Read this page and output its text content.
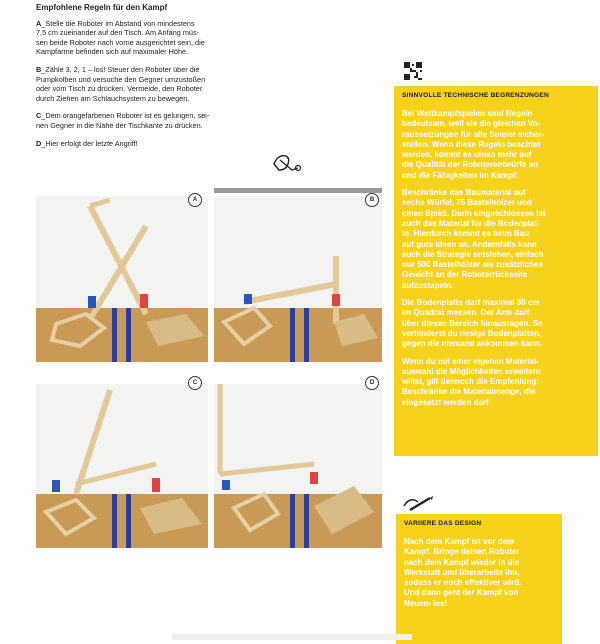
Empfohlene Regeln für den Kampf

A_Stelle die Roboter im Abstand von mindestens
7,5 cm zueinander auf den Tisch. Am Anfang müs-
sen beide Roboter nach vorne ausgerichtet sein, die
Kampfarme befinden sich auf maximaler Höhe.

B_Zähle 3, 2, 1 – los! Steuer den Roboter über die
Pumpkolben und versuche den Gegner umzustoßen
oder vom Tisch zu drücken. Vermeide, den Roboter
durch Ziehen am Schlauchsystem zu bewegen.

C_Dem orangefarbenen Roboter ist es gelungen, sei-
nen Gegner in die Nähe der Tischkante zu drücken.

D_Hier erfolgt der letzte Angriff!

A	B
C	D
SINNVOLLE TECHNISCHE BEGRENZUNGEN

Bei Wettkampfspielen sind Regeln
bedeutsam, weil sie die gleichen Vo-
raussetzungen für alle Spieler sicher-
stellen. Wenn diese Regeln beachtet
werden, kommt es umso mehr auf
die Qualität der Roboterentwürfe an
und die Fähigkeiten im Kampf:

Beschränke das Baumaterial auf
sechs Würfel, 75 Bastelhölzer und
einen Spieß. Darin eingeschlossen ist
auch das Material für die Bodenplat-
te. Hierdurch kommt es beim Bau
auf gute Ideen an. Andernfalls kann
auch die Strategie entstehen, einfach
nur 500 Bastelhölzer als zusätzliches
Gewicht an der Roboterrückseite
aufzustapeln.

Die Bodenplatte darf maximal 30 cm
im Quadrat messen. Der Arm darf
über diesen Bereich hinausragen. So
verhinderst du riesige Bodenplatten,
gegen die niemand ankommen kann.

Wenn du mit einer eigenen Material-
auswahl die Möglichkeiten erweitern
willst, gilt dennoch die Empfehlung:
Beschränke die Materialmenge, die
eingesetzt werden darf.

VARIIERE DAS DESIGN

Nach dem Kampf ist vor dem
Kampf. Bringe deinen Roboter
nach dem Kampf wieder in die
Werkstatt und überarbeite ihn,
sodass er noch effektiver wird.
Und dann geht der Kampf von
Neuem los!
